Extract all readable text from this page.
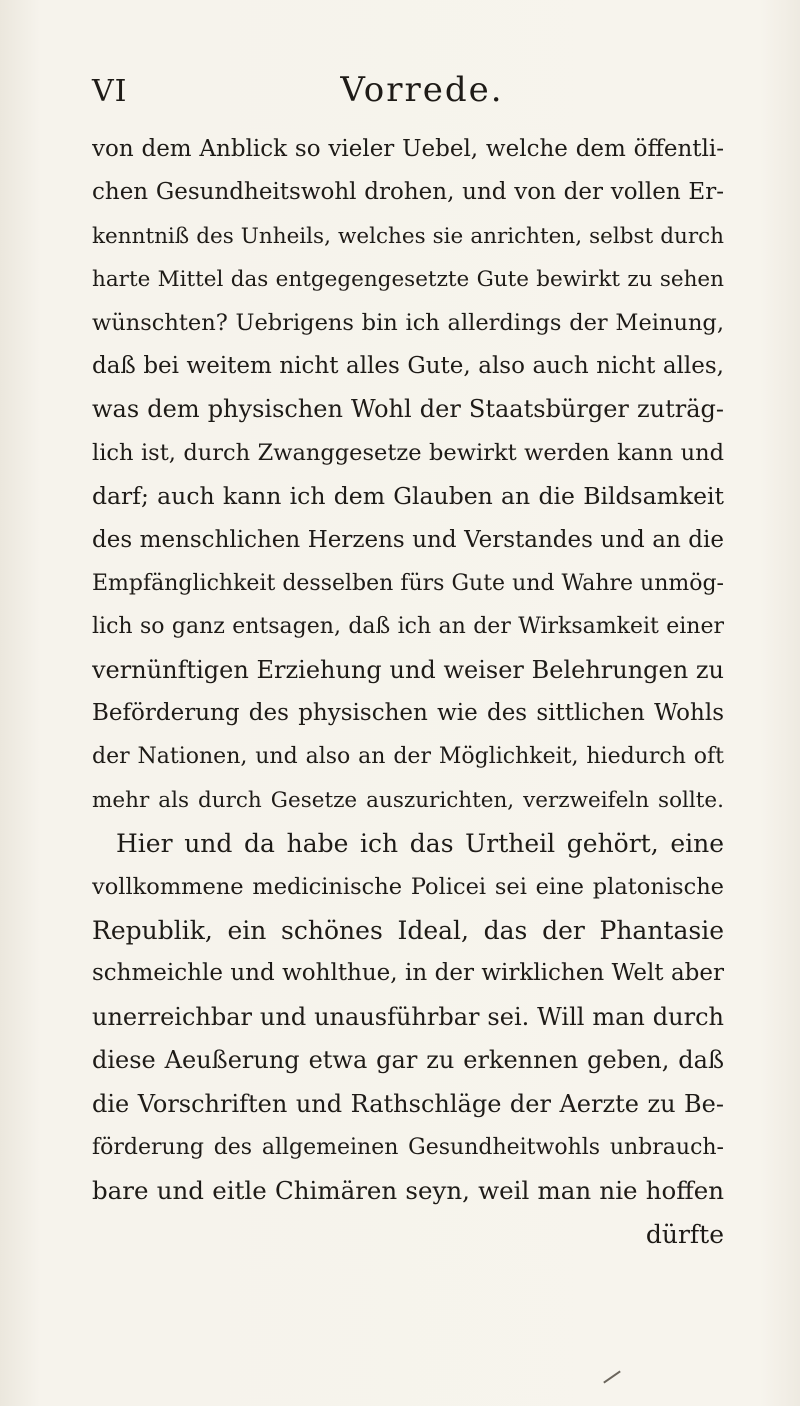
VI	Vorrede.
von dem Anblick so vieler Uebel, welche dem öffentli-
chen Gesundheitswohl drohen, und von der vollen Er-
kenntniß des Unheils, welches sie anrichten, selbst durch
harte Mittel das entgegengesetzte Gute bewirkt zu sehen
wünschten? Uebrigens bin ich allerdings der Meinung,
daß bei weitem nicht alles Gute, also auch nicht alles,
was dem physischen Wohl der Staatsbürger zuträg-
lich ist, durch Zwanggesetze bewirkt werden kann und
darf; auch kann ich dem Glauben an die Bildsamkeit
des menschlichen Herzens und Verstandes und an die
Empfänglichkeit desselben fürs Gute und Wahre unmög-
lich so ganz entsagen, daß ich an der Wirksamkeit einer
vernünftigen Erziehung und weiser Belehrungen zu
Beförderung des physischen wie des sittlichen Wohls
der Nationen, und also an der Möglichkeit, hiedurch oft
mehr als durch Gesetze auszurichten, verzweifeln sollte.
Hier und da habe ich das Urtheil gehört, eine
vollkommene medicinische Policei sei eine platonische
Republik, ein schönes Ideal, das der Phantasie
schmeichle und wohlthue, in der wirklichen Welt aber
unerreichbar und unausführbar sei. Will man durch
diese Aeußerung etwa gar zu erkennen geben, daß
die Vorschriften und Rathschläge der Aerzte zu Be-
förderung des allgemeinen Gesundheitwohls unbrauch-
bare und eitle Chimären seyn, weil man nie hoffen
dürfte
